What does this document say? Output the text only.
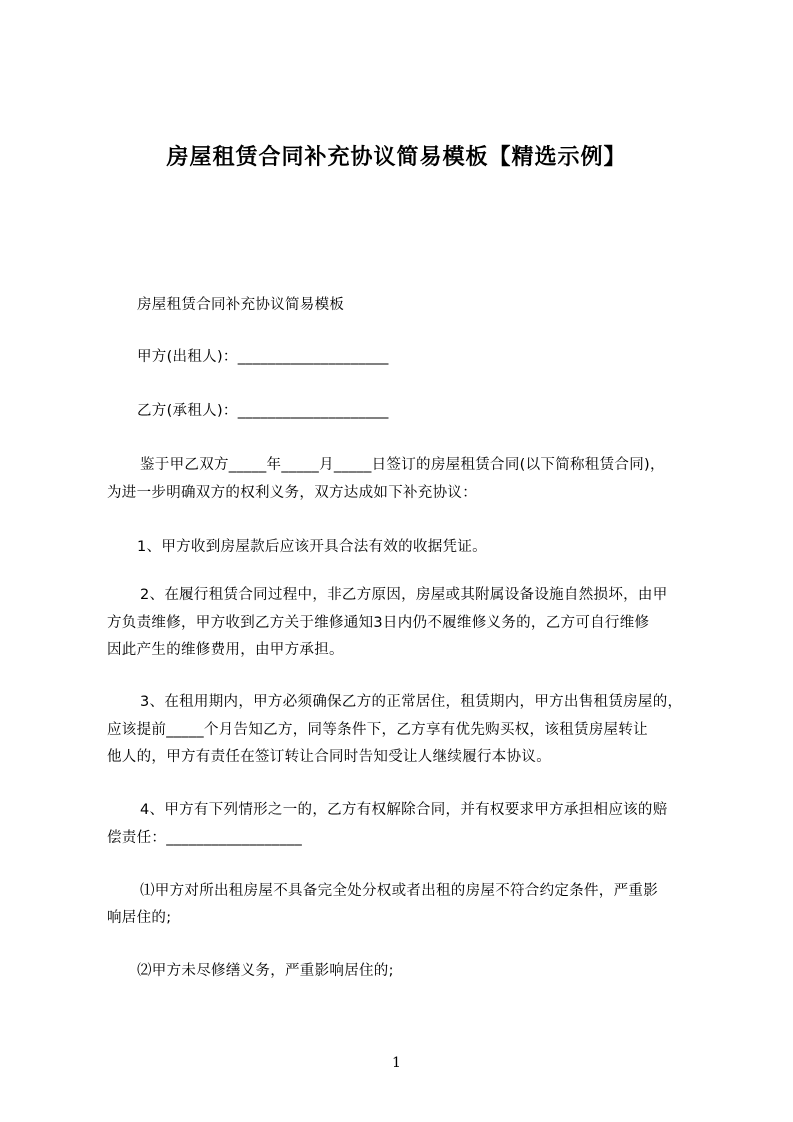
房屋租赁合同补充协议简易模板【精选示例】
房屋租赁合同补充协议简易模板
甲方(出租人)：____________________
乙方(承租人)：____________________
鉴于甲乙双方_____年_____月_____日签订的房屋租赁合同(以下简称租赁合同)，
为进一步明确双方的权利义务，双方达成如下补充协议：
1、甲方收到房屋款后应该开具合法有效的收据凭证。
2、在履行租赁合同过程中，非乙方原因，房屋或其附属设备设施自然损坏，由甲
方负责维修，甲方收到乙方关于维修通知3日内仍不履维修义务的，乙方可自行维修
因此产生的维修费用，由甲方承担。
3、在租用期内，甲方必须确保乙方的正常居住，租赁期内，甲方出售租赁房屋的，
应该提前_____个月告知乙方，同等条件下，乙方享有优先购买权，该租赁房屋转让
他人的，甲方有责任在签订转让合同时告知受让人继续履行本协议。
4、甲方有下列情形之一的，乙方有权解除合同，并有权要求甲方承担相应该的赔
偿责任：__________________
⑴甲方对所出租房屋不具备完全处分权或者出租的房屋不符合约定条件，严重影
响居住的;
⑵甲方未尽修缮义务，严重影响居住的;
1
